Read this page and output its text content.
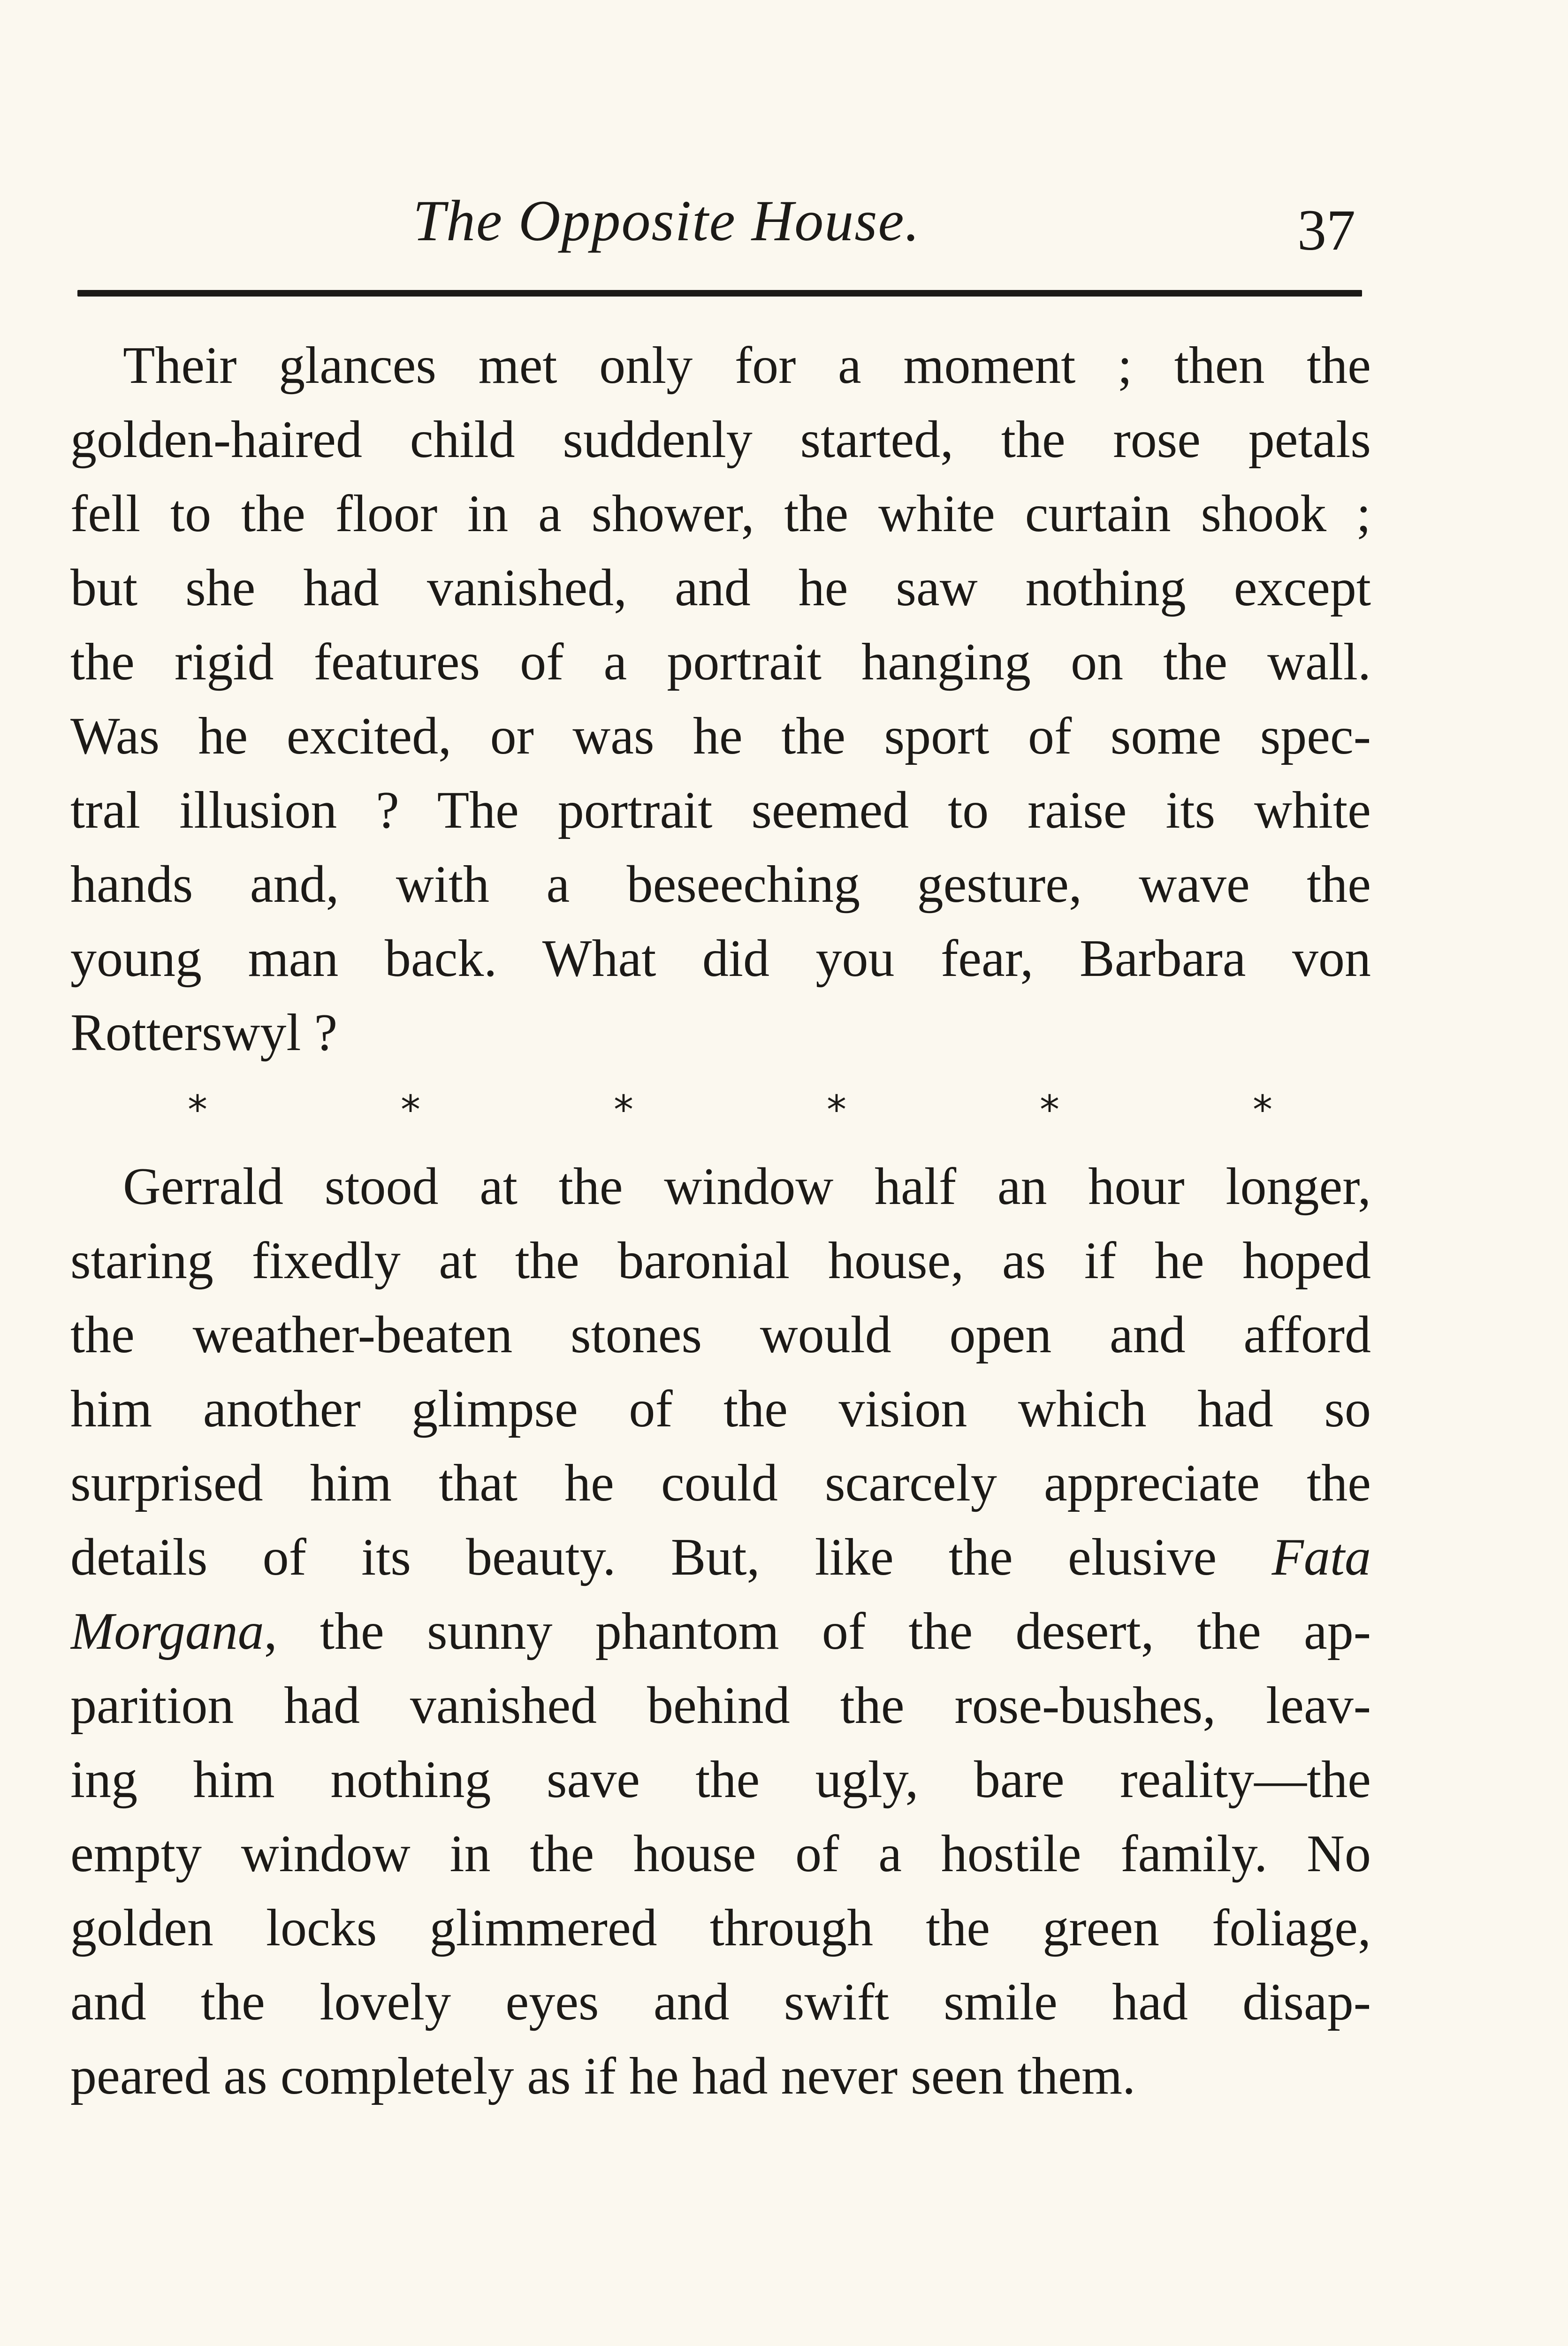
The Opposite House.	37
Their glances met only for a moment ; then the
golden-haired child suddenly started, the rose petals
fell to the floor in a shower, the white curtain shook ;
but she had vanished, and he saw nothing except
the rigid features of a portrait hanging on the wall.
Was he excited, or was he the sport of some spec-
tral illusion ? The portrait seemed to raise its white
hands and, with a beseeching gesture, wave the
young man back. What did you fear, Barbara von
Rotterswyl ?
*	*	*	*	*	*
Gerrald stood at the window half an hour longer,
staring fixedly at the baronial house, as if he hoped
the weather-beaten stones would open and afford
him another glimpse of the vision which had so
surprised him that he could scarcely appreciate the
details of its beauty. But, like the elusive Fata
Morgana, the sunny phantom of the desert, the ap-
parition had vanished behind the rose-bushes, leav-
ing him nothing save the ugly, bare reality—the
empty window in the house of a hostile family. No
golden locks glimmered through the green foliage,
and the lovely eyes and swift smile had disap-
peared as completely as if he had never seen them.
